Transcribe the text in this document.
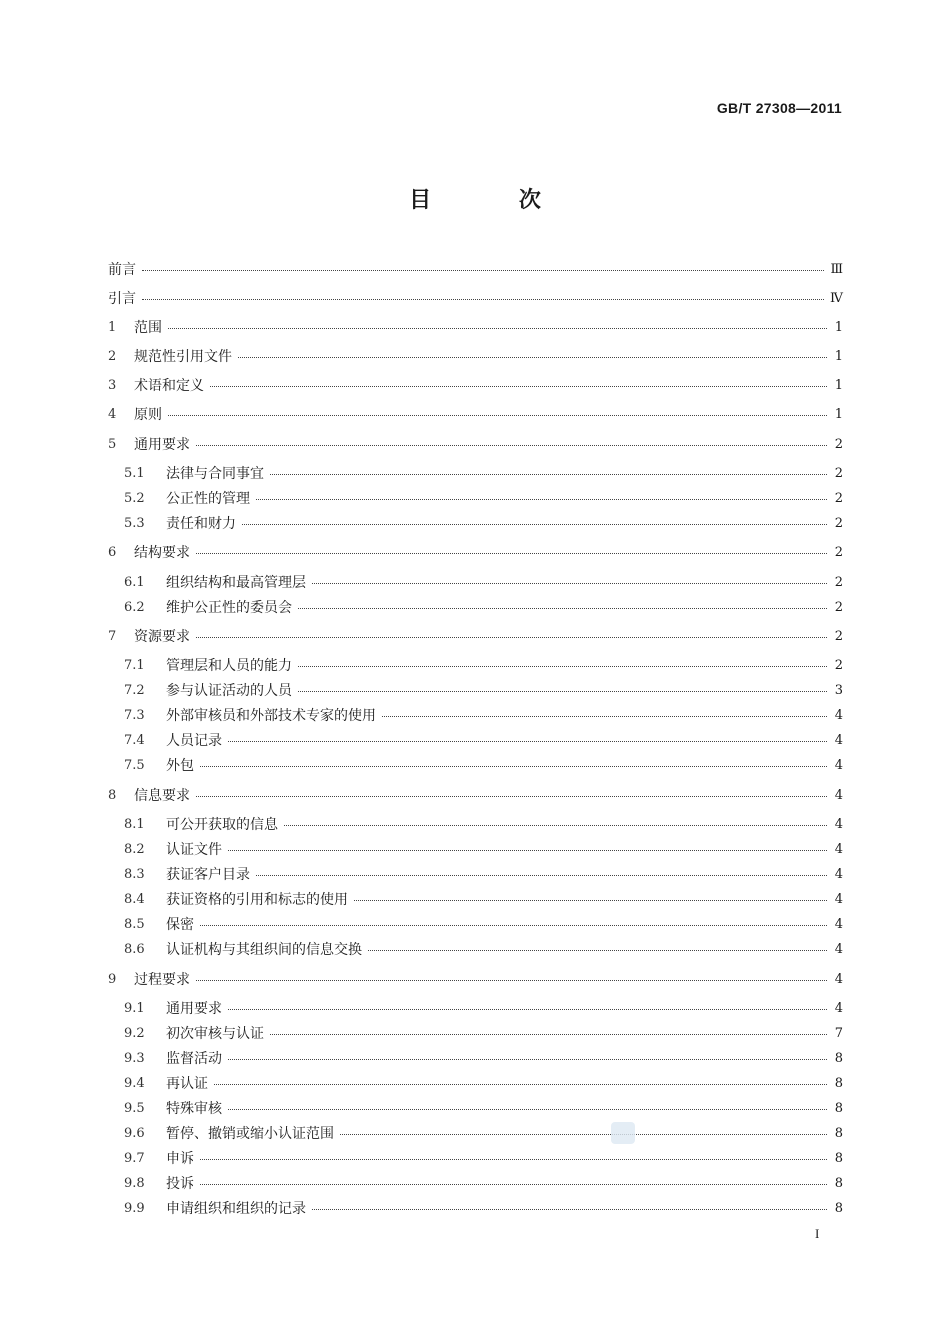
GB/T 27308—2011
目 次
前言	Ⅲ
引言	Ⅳ
1	范围	1
2	规范性引用文件	1
3	术语和定义	1
4	原则	1
5	通用要求	2
5.1	法律与合同事宜	2
5.2	公正性的管理	2
5.3	责任和财力	2
6	结构要求	2
6.1	组织结构和最高管理层	2
6.2	维护公正性的委员会	2
7	资源要求	2
7.1	管理层和人员的能力	2
7.2	参与认证活动的人员	3
7.3	外部审核员和外部技术专家的使用	4
7.4	人员记录	4
7.5	外包	4
8	信息要求	4
8.1	可公开获取的信息	4
8.2	认证文件	4
8.3	获证客户目录	4
8.4	获证资格的引用和标志的使用	4
8.5	保密	4
8.6	认证机构与其组织间的信息交换	4
9	过程要求	4
9.1	通用要求	4
9.2	初次审核与认证	7
9.3	监督活动	8
9.4	再认证	8
9.5	特殊审核	8
9.6	暂停、撤销或缩小认证范围	8
9.7	申诉	8
9.8	投诉	8
9.9	申请组织和组织的记录	8
I
